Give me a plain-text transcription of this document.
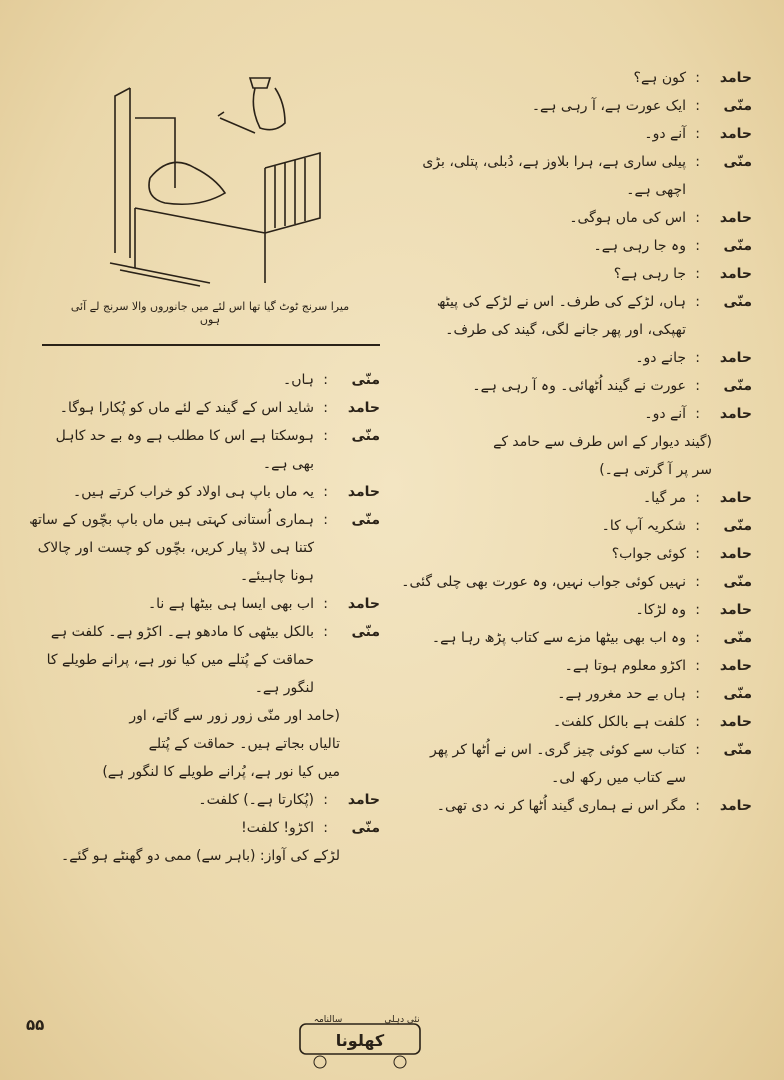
میرا سرنج ٹوٹ گیا تھا اس لئے میں جانوروں والا سرنج لے آئی ہوں
حامد
:
کون ہے؟
منّی
:
ایک عورت ہے، آ رہی ہے۔
حامد
:
آنے دو۔
منّی
:
پیلی ساری ہے، ہرا بلاوز ہے، دُبلی، پتلی، بڑی
اچھی ہے۔
حامد
:
اس کی ماں ہوگی۔
منّی
:
وہ جا رہی ہے۔
حامد
:
جا رہی ہے؟
منّی
:
ہاں، لڑکے کی طرف۔ اس نے لڑکے کی پیٹھ
تھپکی، اور پھر جانے لگی، گیند کی طرف۔
حامد
:
جانے دو۔
منّی
:
عورت نے گیند اُٹھائی۔ وہ آ رہی ہے۔
حامد
:
آنے دو۔
(گیند دیوار کے اس طرف سے حامد کے
سر پر آ گرتی ہے۔)
حامد
:
مر گیا۔
منّی
:
شکریہ آپ کا۔
حامد
:
کوئی جواب؟
منّی
:
نہیں کوئی جواب نہیں، وہ عورت بھی چلی گئی۔
حامد
:
وہ لڑکا۔
منّی
:
وہ اب بھی بیٹھا مزے سے کتاب پڑھ رہا ہے۔
حامد
:
اکڑو معلوم ہوتا ہے۔
منّی
:
ہاں بے حد مغرور ہے۔
حامد
:
کلفت ہے بالکل کلفت۔
منّی
:
کتاب سے کوئی چیز گری۔ اس نے اُٹھا کر پھر
سے کتاب میں رکھ لی۔
حامد
:
مگر اس نے ہماری گیند اُٹھا کر نہ دی تھی۔
منّی
:
ہاں۔
حامد
:
شاید اس کے گیند کے لئے ماں کو پُکارا ہوگا۔
منّی
:
ہوسکتا ہے اس کا مطلب ہے وہ بے حد کاہل
بھی ہے۔
حامد
:
یہ ماں باپ ہی اولاد کو خراب کرتے ہیں۔
منّی
:
ہماری اُستانی کہتی ہیں ماں باپ بچّوں کے ساتھ
کتنا ہی لاڈ پیار کریں، بچّوں کو چست اور چالاک
ہونا چاہیئے۔
حامد
:
اب بھی ایسا ہی بیٹھا ہے نا۔
منّی
:
بالکل بیٹھی کا مادھو ہے۔ اکڑو ہے۔ کلفت ہے
حماقت کے پُتلے میں کیا نور ہے، پرانے طویلے کا
لنگور ہے۔
(حامد اور منّی زور زور سے گاتے، اور
تالیاں بجاتے ہیں۔ حماقت کے پُتلے
میں کیا نور ہے، پُرانے طویلے کا لنگور ہے)
حامد
:
(پُکارتا ہے۔) کلفت۔
منّی
:
اکڑو! کلفت!
لڑکے کی آواز: (باہر سے) ممی دو گھنٹے ہو گئے۔
۵۵
کھلونا
سالنامہ	نئی دہلی
